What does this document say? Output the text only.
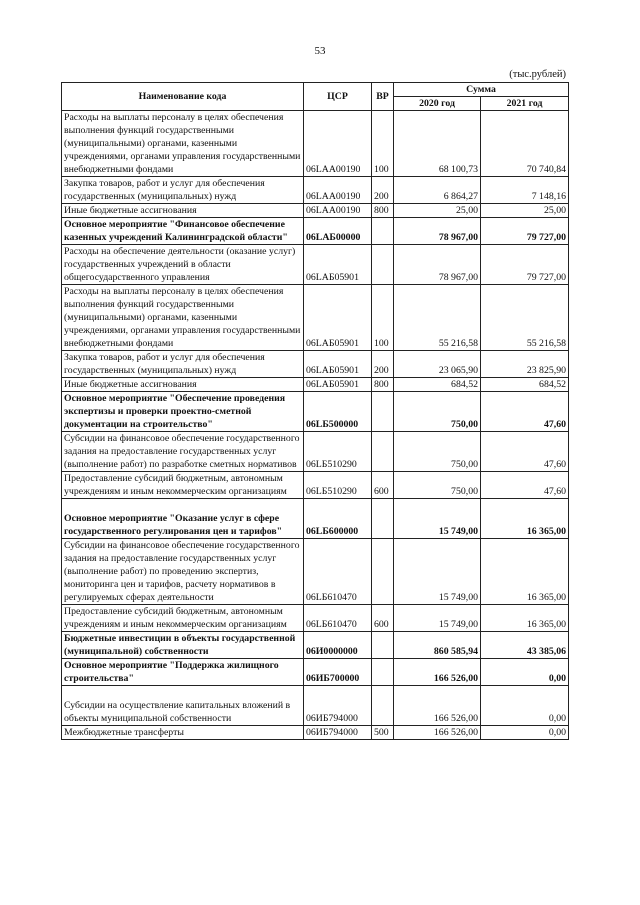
53
(тыс.рублей)
Наименование кода	ЦСР	ВР	Сумма	
			2020 год	2021 год
Расходы на выплаты персоналу в целях обеспечения выполнения функций государственными (муниципальными) органами, казенными учреждениями, органами управления государственными внебюджетными фондами	06LAA00190	100	68 100,73	70 740,84
Закупка товаров, работ и услуг для обеспечения государственных (муниципальных) нужд	06LAA00190	200	6 864,27	7 148,16
Иные бюджетные ассигнования	06LAA00190	800	25,00	25,00
Основное мероприятие "Финансовое обеспечение казенных учреждений Калининградской области"	06LAБ00000		78 967,00	79 727,00
Расходы на обеспечение деятельности (оказание услуг) государственных учреждений в области общегосударственного управления	06LAБ05901		78 967,00	79 727,00
Расходы на выплаты персоналу в целях обеспечения выполнения функций государственными (муниципальными) органами, казенными учреждениями, органами управления государственными внебюджетными фондами	06LAБ05901	100	55 216,58	55 216,58
Закупка товаров, работ и услуг для обеспечения государственных (муниципальных) нужд	06LAБ05901	200	23 065,90	23 825,90
Иные бюджетные ассигнования	06LAБ05901	800	684,52	684,52
Основное мероприятие "Обеспечение проведения экспертизы и проверки проектно-сметной документации на строительство"	06LБ500000		750,00	47,60
Субсидии на финансовое обеспечение государственного задания на предоставление государственных услуг (выполнение работ) по разработке сметных нормативов	06LБ510290		750,00	47,60
Предоставление субсидий бюджетным, автономным учреждениям и иным некоммерческим организациям	06LБ510290	600	750,00	47,60
Основное мероприятие "Оказание услуг в сфере государственного регулирования цен и тарифов"	06LБ600000		15 749,00	16 365,00
Субсидии на финансовое обеспечение государственного задания на предоставление государственных услуг (выполнение работ) по проведению экспертиз, мониторинга цен и тарифов, расчету нормативов в регулируемых сферах деятельности	06LБ610470		15 749,00	16 365,00
Предоставление субсидий бюджетным, автономным учреждениям и иным некоммерческим организациям	06LБ610470	600	15 749,00	16 365,00
Бюджетные инвестиции в объекты государственной (муниципальной) собственности	06И0000000		860 585,94	43 385,06
Основное мероприятие "Поддержка жилищного строительства"	06ИБ700000		166 526,00	0,00
Субсидии на осуществление капитальных вложений в объекты муниципальной собственности	06ИБ794000		166 526,00	0,00
Межбюджетные трансферты	06ИБ794000	500	166 526,00	0,00
